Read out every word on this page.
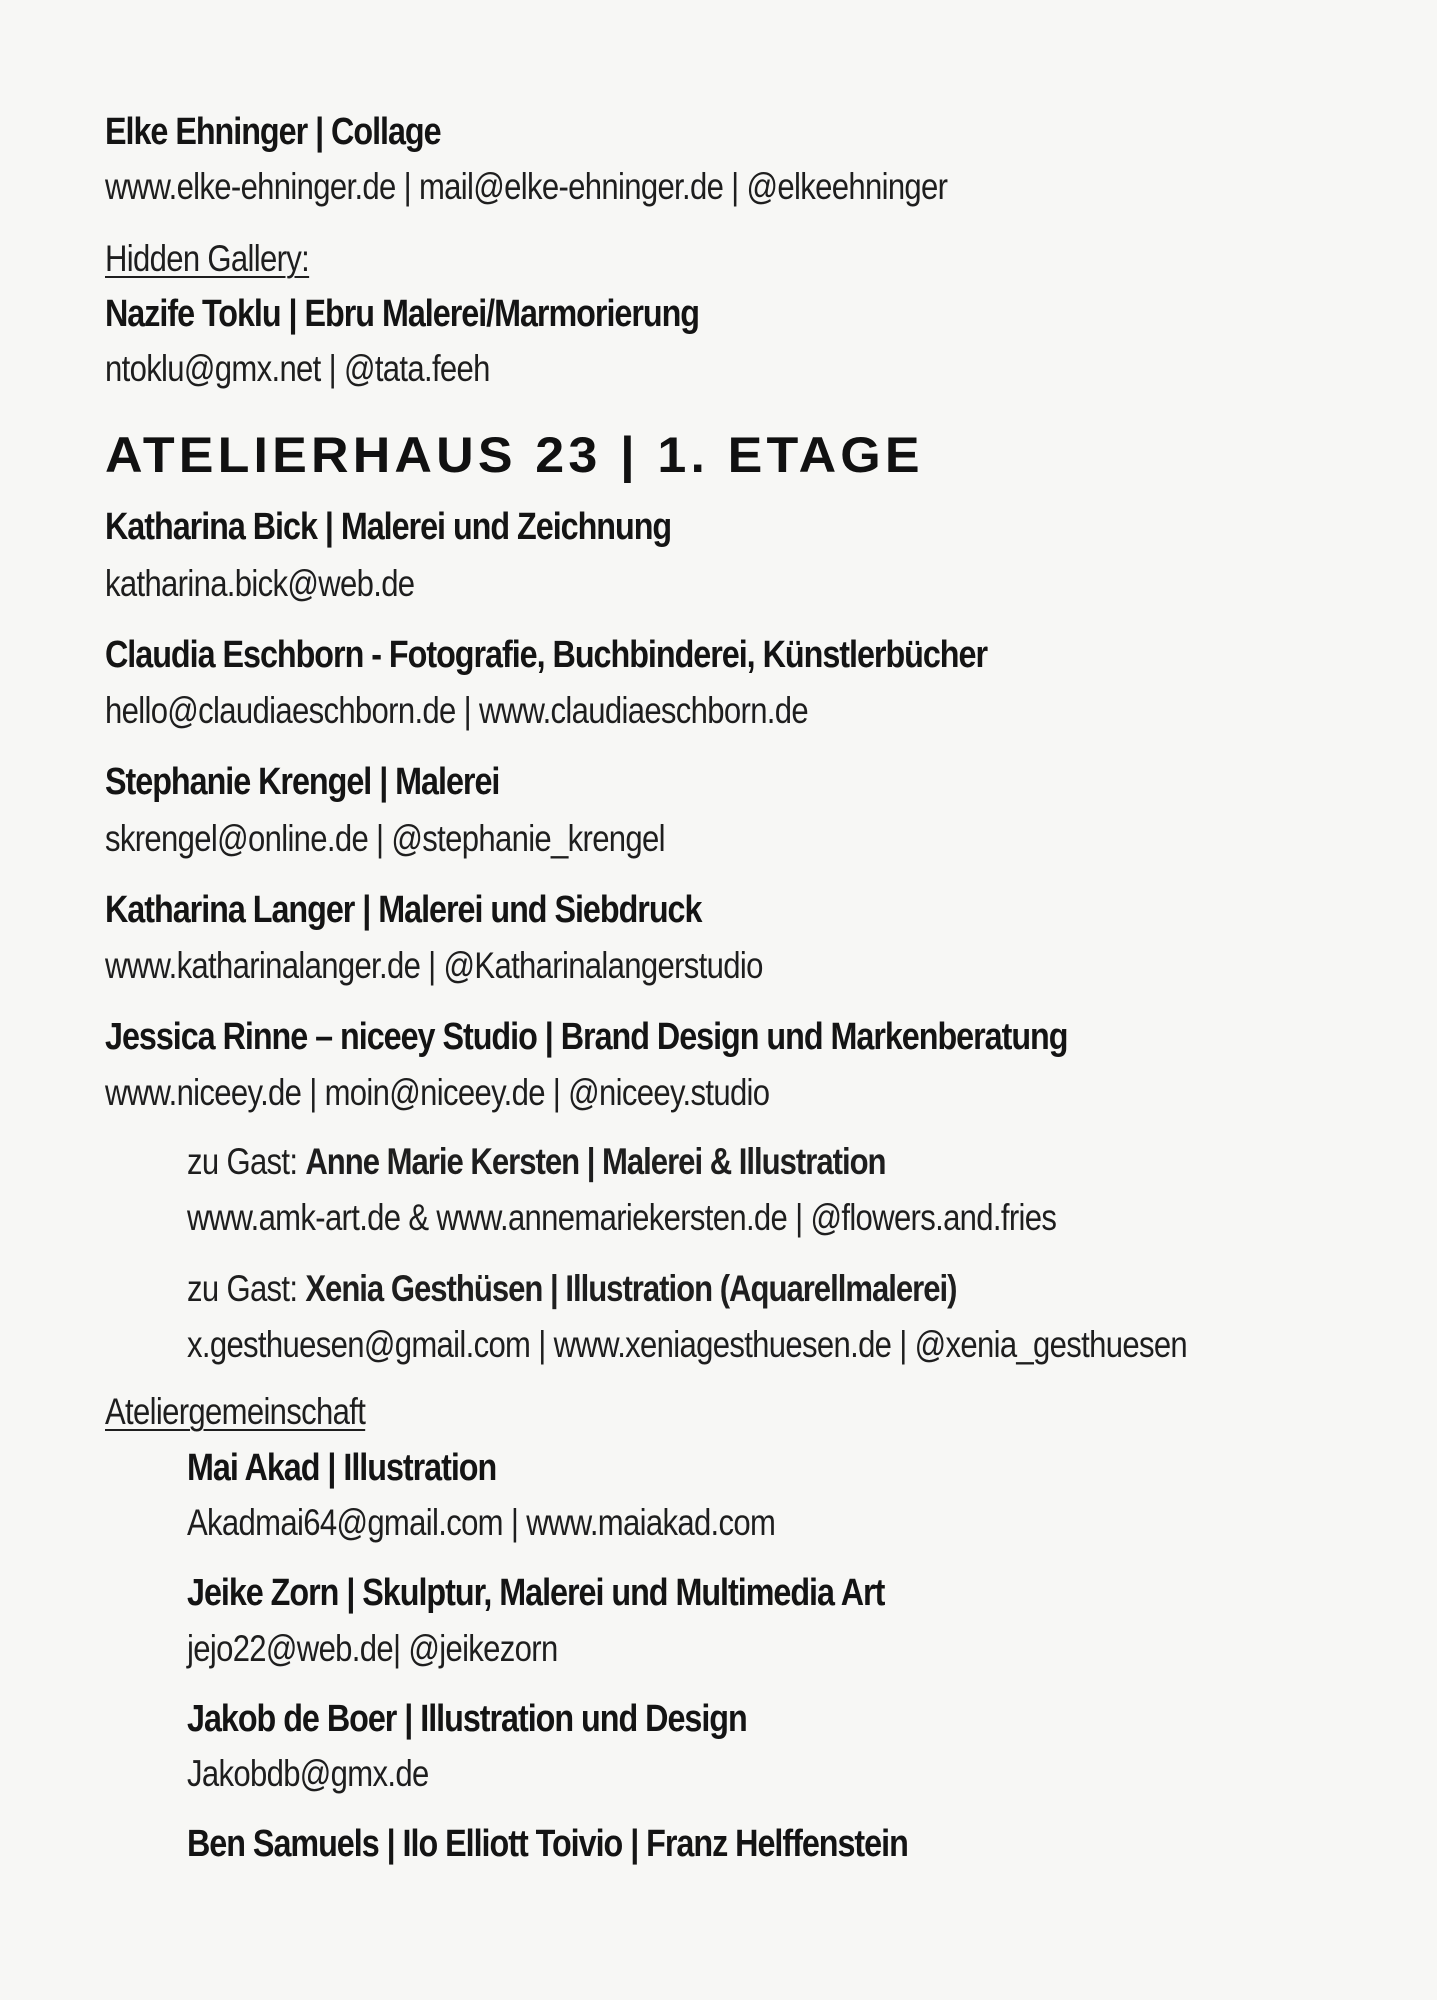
Elke Ehninger | Collage
www.elke-ehninger.de | mail@elke-ehninger.de | @elkeehninger
Hidden Gallery:
Nazife Toklu | Ebru Malerei/Marmorierung
ntoklu@gmx.net | @tata.feeh
ATELIERHAUS 23 | 1. ETAGE
Katharina Bick | Malerei und Zeichnung
katharina.bick@web.de
Claudia Eschborn - Fotografie, Buchbinderei, Künstlerbücher
hello@claudiaeschborn.de | www.claudiaeschborn.de
Stephanie Krengel | Malerei
skrengel@online.de | @stephanie_krengel
Katharina Langer | Malerei und Siebdruck
www.katharinalanger.de | @Katharinalangerstudio
Jessica Rinne – niceey Studio | Brand Design und Markenberatung
www.niceey.de | moin@niceey.de | @niceey.studio
zu Gast: Anne Marie Kersten | Malerei & Illustration
www.amk-art.de & www.annemariekersten.de | @flowers.and.fries
zu Gast: Xenia Gesthüsen | Illustration (Aquarellmalerei)
x.gesthuesen@gmail.com | www.xeniagesthuesen.de | @xenia_gesthuesen
Ateliergemeinschaft
Mai Akad | Illustration
Akadmai64@gmail.com | www.maiakad.com
Jeike Zorn | Skulptur, Malerei und Multimedia Art
jejo22@web.de| @jeikezorn
Jakob de Boer | Illustration und Design
Jakobdb@gmx.de
Ben Samuels | Ilo Elliott Toivio | Franz Helffenstein
